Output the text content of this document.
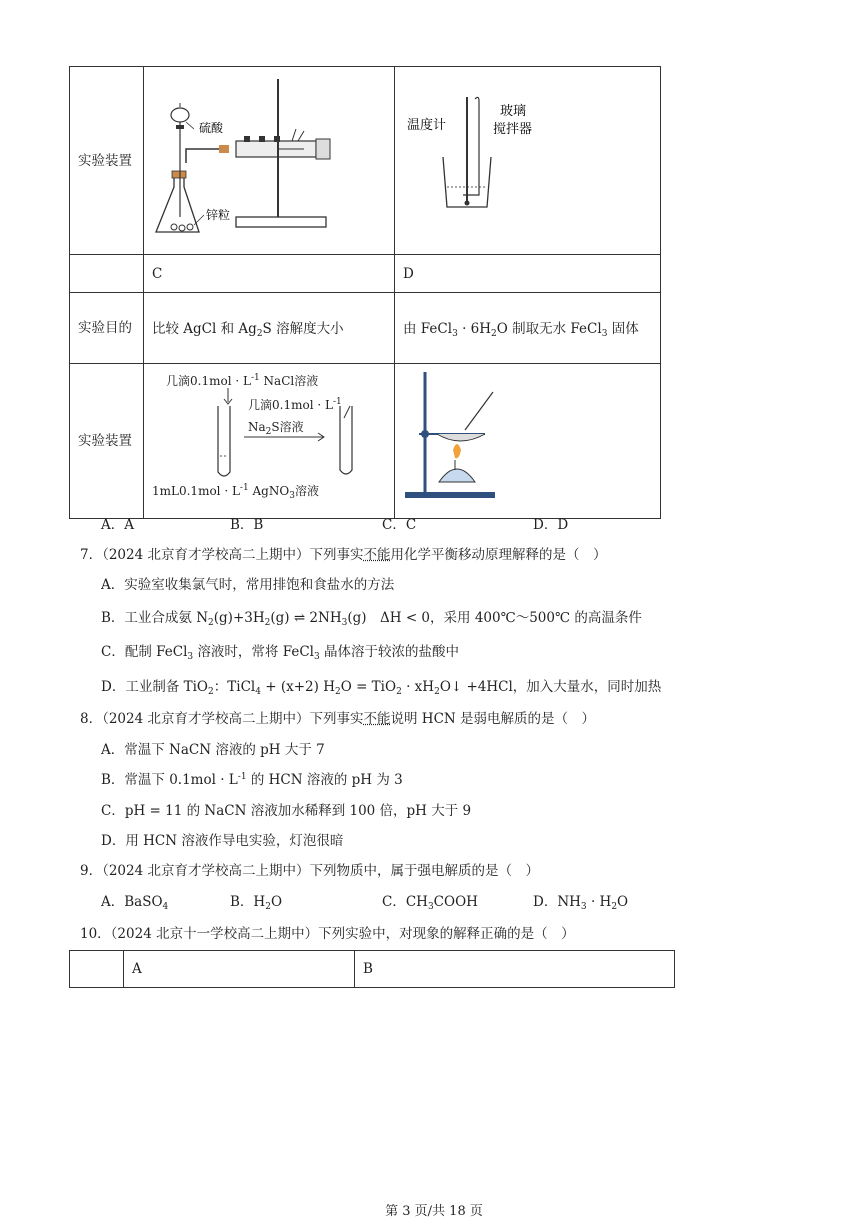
实验装置	硫酸
锌粒	温度计
玻璃
搅拌器

	C	D

实验目的	比较 AgCl 和 $Ag_2S$ 溶解度大小	由 FeCl$_3$ · $6H_2O$ 制取无水 FeCl$_3$ 固体

实验装置	几滴$0.1mol \cdot L^{-1}$ NaCl溶液
几滴$0.1mol \cdot L^{-1}$
$Na_2S$溶液
$1mL0.1mol \cdot L^{-1}$ AgNO$_3$溶液

A．A	B．B	C．C	D．D
7．（2024 北京育才学校高二上期中）下列事实不能用化学平衡移动原理解释的是（　）
A．实验室收集氯气时，常用排饱和食盐水的方法
B．工业合成氨 $N_2(g)+3H_2(g)$ ⇌ $2NH_3(g)$　ΔH < 0，采用 400℃～500℃ 的高温条件
C．配制 FeCl$_3$ 溶液时，常将 FeCl$_3$ 晶体溶于较浓的盐酸中
D．工业制备 TiO$_2$：TiCl$_4$ + (x+2) $H_2O = TiO_2$ · $xH_2O↓ +4HCl$，加入大量水，同时加热
8．（2024 北京育才学校高二上期中）下列事实不能说明 HCN 是弱电解质的是（　）
A．常温下 NaCN 溶液的 pH 大于 7
B．常温下 $0.1mol \cdot L^{-1}$ 的 HCN 溶液的 pH 为 3
C．pH = 11 的 NaCN 溶液加水稀释到 100 倍，pH 大于 9
D．用 HCN 溶液作导电实验，灯泡很暗
9．（2024 北京育才学校高二上期中）下列物质中，属于强电解质的是（　）
A．BaSO$_4$	B．$H_2O$	C．$CH_3COOH$	D．$NH_3 \cdot H_2O$
10．（2024 北京十一学校高二上期中）下列实验中，对现象的解释正确的是（　）
	A	B
第 3 页/共 18 页
